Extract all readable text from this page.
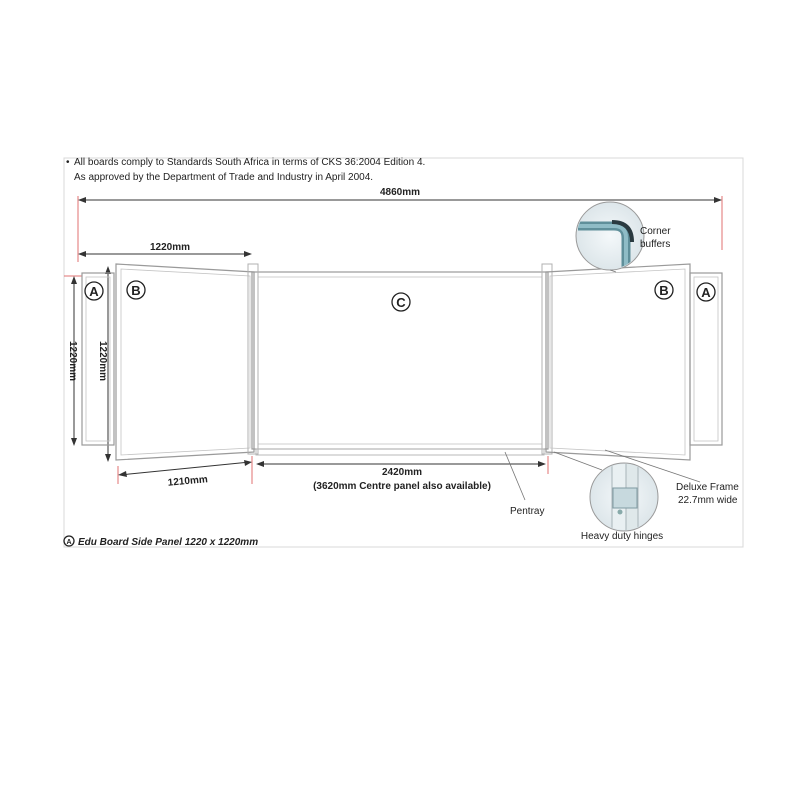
• All boards comply to Standards South Africa in terms of CKS 36:2004 Edition 4.
As approved by the Department of Trade and Industry in April 2004.
4860mm
1220mm
1220mm 1220mm
A	B
C
B	A
1210mm
2420mm
(3620mm Centre panel also available)
Corner
buffers
Heavy duty hinges
Deluxe Frame
22.7mm wide
Pentray
A Edu Board Side Panel 1220 x 1220mm
